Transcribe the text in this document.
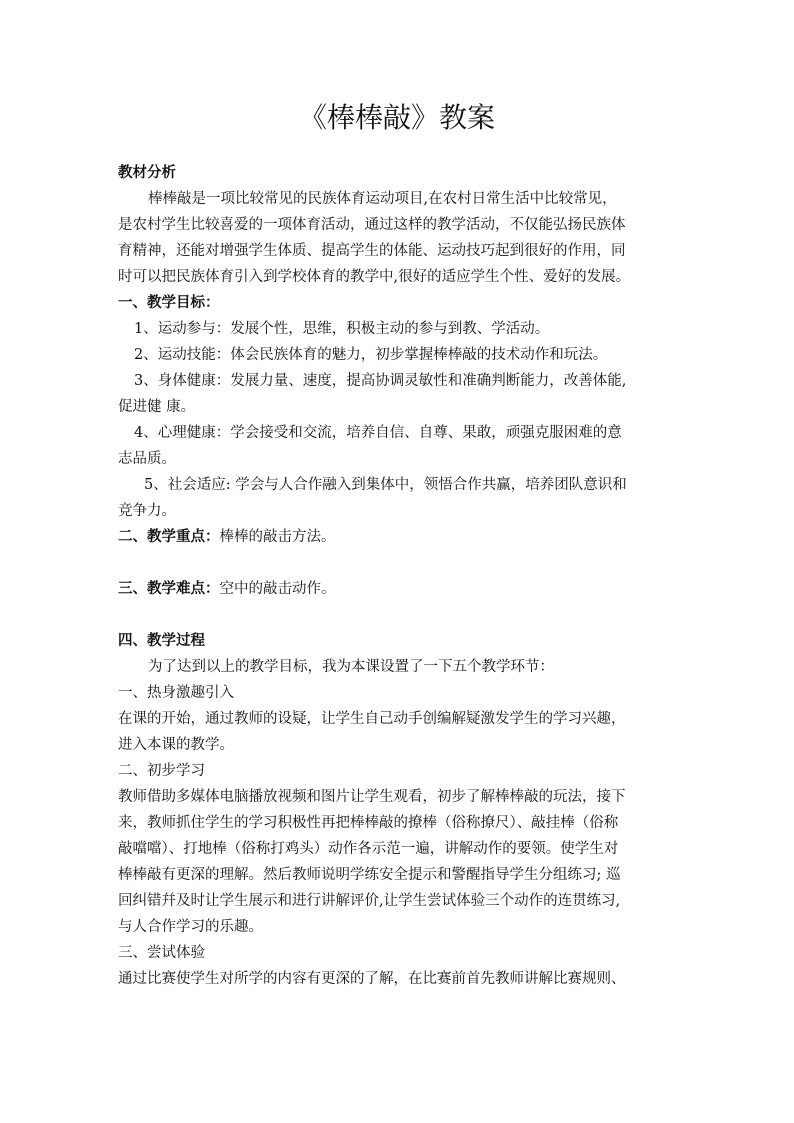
《棒棒敲》教案

教材分析

棒棒敲是一项比较常见的民族体育运动项目,在农村日常生活中比较常见，

是农村学生比较喜爱的一项体育活动，通过这样的教学活动，不仅能弘扬民族体

育精神，还能对增强学生体质、提高学生的体能、运动技巧起到很好的作用，同

时可以把民族体育引入到学校体育的教学中,很好的适应学生个性、爱好的发展。

一、教学目标：

1、运动参与：发展个性，思维，积极主动的参与到教、学活动。

2、运动技能：体会民族体育的魅力，初步掌握棒棒敲的技术动作和玩法。

3、身体健康：发展力量、速度，提高协调灵敏性和准确判断能力，改善体能,

促进健 康。

4、心理健康：学会接受和交流，培养自信、自尊、果敢，顽强克服困难的意

志品质。

5、社会适应: 学会与人合作融入到集体中，领悟合作共赢，培养团队意识和

竞争力。

二、教学重点：棒棒的敲击方法。

三、教学难点：空中的敲击动作。

四、教学过程

为了达到以上的教学目标，我为本课设置了一下五个教学环节：

一、热身激趣引入

在课的开始，通过教师的设疑，让学生自己动手创编解疑激发学生的学习兴趣，

进入本课的教学。

二、初步学习

教师借助多媒体电脑播放视频和图片让学生观看，初步了解棒棒敲的玩法，接下

来，教师抓住学生的学习积极性再把棒棒敲的撩棒（俗称撩尺）、敲挂棒（俗称

敲噹噹）、打地棒（俗称打鸡头）动作各示范一遍，讲解动作的要领。使学生对

棒棒敲有更深的理解。然后教师说明学练安全提示和警醒指导学生分组练习; 巡

回纠错幷及时让学生展示和进行讲解评价,让学生尝试体验三个动作的连贯练习,

与人合作学习的乐趣。

三、尝试体验

通过比赛使学生对所学的内容有更深的了解，在比赛前首先教师讲解比赛规则、
